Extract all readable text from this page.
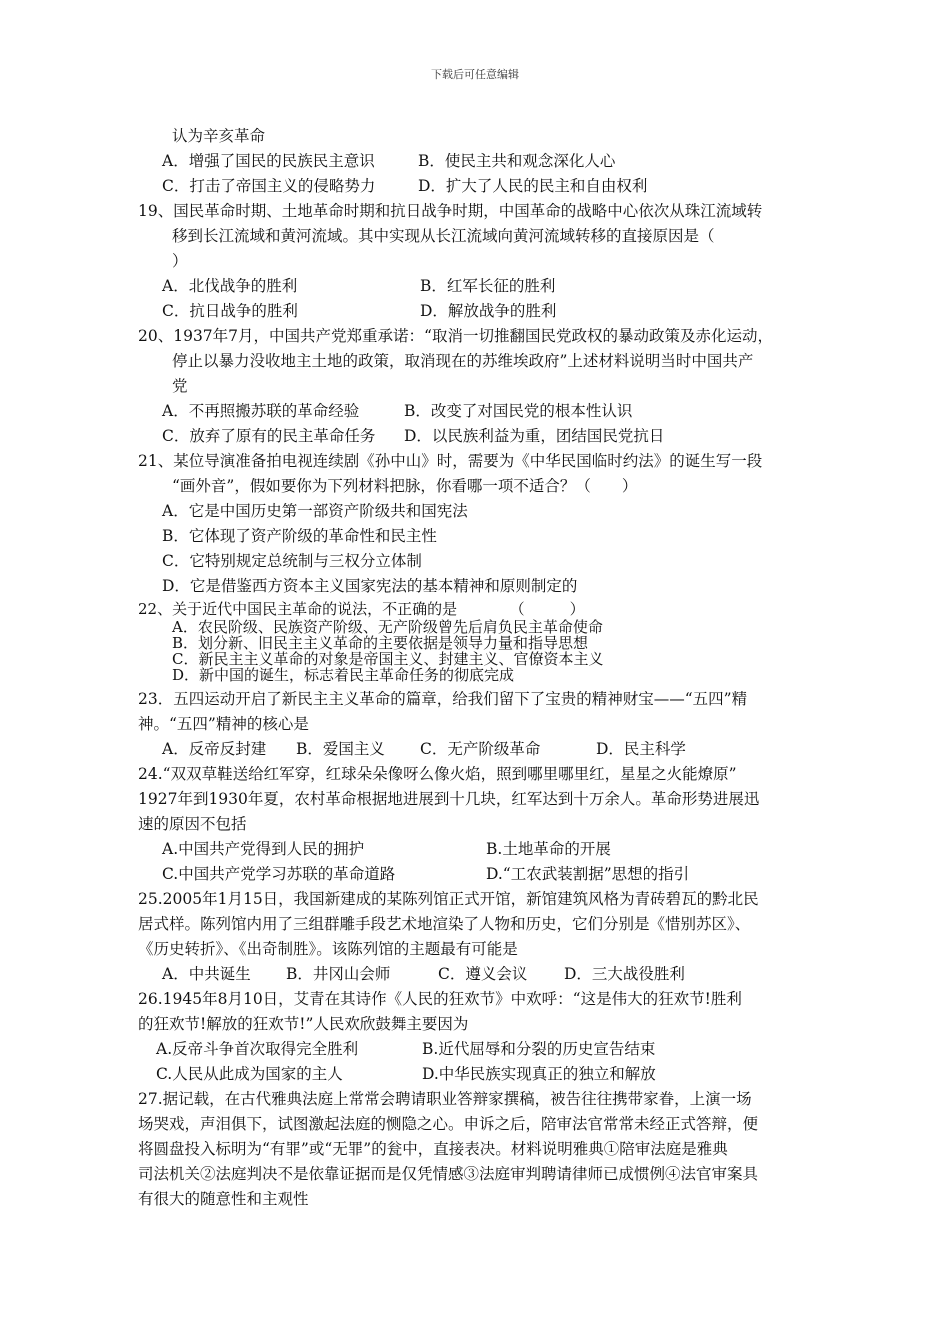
下载后可任意编辑
认为辛亥革命
A．增强了国民的民族民主意识	B．使民主共和观念深化人心
C．打击了帝国主义的侵略势力	D．扩大了人民的民主和自由权利
19、国民革命时期、土地革命时期和抗日战争时期，中国革命的战略中心依次从珠江流域转
移到长江流域和黄河流域。其中实现从长江流域向黄河流域转移的直接原因是（
）
A．北伐战争的胜利	B．红军长征的胜利
C．抗日战争的胜利	D．解放战争的胜利
20、1937年7月，中国共产党郑重承诺：“取消一切推翻国民党政权的暴动政策及赤化运动，
停止以暴力没收地主土地的政策，取消现在的苏维埃政府”上述材料说明当时中国共产
党
A．不再照搬苏联的革命经验	B．改变了对国民党的根本性认识
C．放弃了原有的民主革命任务	D．以民族利益为重，团结国民党抗日
21、某位导演准备拍电视连续剧《孙中山》时，需要为《中华民国临时约法》的诞生写一段
“画外音”，假如要你为下列材料把脉，你看哪一项不适合？（　　）
A．它是中国历史第一部资产阶级共和国宪法
B．它体现了资产阶级的革命性和民主性
C．它特别规定总统制与三权分立体制
D．它是借鉴西方资本主义国家宪法的基本精神和原则制定的
22、关于近代中国民主革命的说法，不正确的是　　　　（　　　）
A．农民阶级、民族资产阶级、无产阶级曾先后肩负民主革命使命
B．划分新、旧民主主义革命的主要依据是领导力量和指导思想
C．新民主主义革命的对象是帝国主义、封建主义、官僚资本主义
D．新中国的诞生，标志着民主革命任务的彻底完成
23．五四运动开启了新民主主义革命的篇章，给我们留下了宝贵的精神财宝——“五四”精
神。“五四”精神的核心是
A．反帝反封建	B．爱国主义	C．无产阶级革命	D．民主科学
24.“双双草鞋送给红军穿，红球朵朵像呀么像火焰，照到哪里哪里红，星星之火能燎原”
1927年到1930年夏，农村革命根据地进展到十几块，红军达到十万余人。革命形势进展迅
速的原因不包括
A.中国共产党得到人民的拥护	B.土地革命的开展
C.中国共产党学习苏联的革命道路	D.“工农武装割据”思想的指引
25.2005年1月15日，我国新建成的某陈列馆正式开馆，新馆建筑风格为青砖碧瓦的黔北民
居式样。陈列馆内用了三组群雕手段艺术地渲染了人物和历史，它们分别是《惜别苏区》、
《历史转折》、《出奇制胜》。该陈列馆的主题最有可能是
A．中共诞生	B．井冈山会师	C．遵义会议	D．三大战役胜利
26.1945年8月10日，艾青在其诗作《人民的狂欢节》中欢呼：“这是伟大的狂欢节!胜利
的狂欢节!解放的狂欢节!”人民欢欣鼓舞主要因为
A.反帝斗争首次取得完全胜利	B.近代屈辱和分裂的历史宣告结束
C.人民从此成为国家的主人	D.中华民族实现真正的独立和解放
27.据记载，在古代雅典法庭上常常会聘请职业答辩家撰稿，被告往往携带家眷，上演一场
场哭戏，声泪俱下，试图激起法庭的恻隐之心。申诉之后，陪审法官常常未经正式答辩，便
将圆盘投入标明为“有罪”或“无罪”的瓮中，直接表决。材料说明雅典①陪审法庭是雅典
司法机关②法庭判决不是依靠证据而是仅凭情感③法庭审判聘请律师已成惯例④法官审案具
有很大的随意性和主观性
